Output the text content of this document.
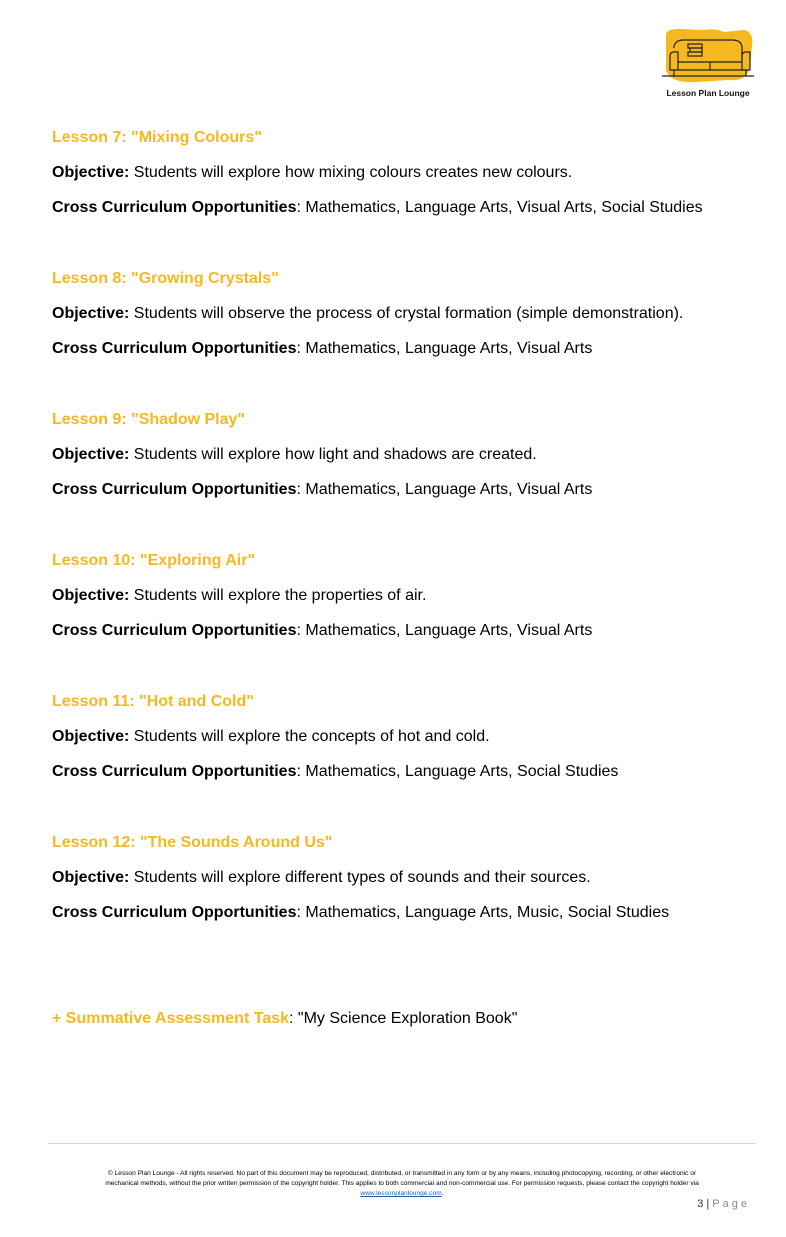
Lesson Plan Lounge
Lesson 7: "Mixing Colours"
Objective: Students will explore how mixing colours creates new colours.
Cross Curriculum Opportunities: Mathematics, Language Arts, Visual Arts, Social Studies
Lesson 8: "Growing Crystals"
Objective: Students will observe the process of crystal formation (simple demonstration).
Cross Curriculum Opportunities: Mathematics, Language Arts, Visual Arts
Lesson 9: "Shadow Play"
Objective: Students will explore how light and shadows are created.
Cross Curriculum Opportunities: Mathematics, Language Arts, Visual Arts
Lesson 10: "Exploring Air"
Objective: Students will explore the properties of air.
Cross Curriculum Opportunities: Mathematics, Language Arts, Visual Arts
Lesson 11: "Hot and Cold"
Objective: Students will explore the concepts of hot and cold.
Cross Curriculum Opportunities: Mathematics, Language Arts, Social Studies
Lesson 12: "The Sounds Around Us"
Objective: Students will explore different types of sounds and their sources.
Cross Curriculum Opportunities: Mathematics, Language Arts, Music, Social Studies
+ Summative Assessment Task: "My Science Exploration Book"
© Lesson Plan Lounge - All rights reserved. No part of this document may be reproduced, distributed, or transmitted in any form or by any means, including photocopying, recording, or other electronic or
mechanical methods, without the prior written permission of the copyright holder. This applies to both commercial and non-commercial use. For permission requests, please contact the copyright holder via
www.lessonplanlounge.com.
3 | Page
